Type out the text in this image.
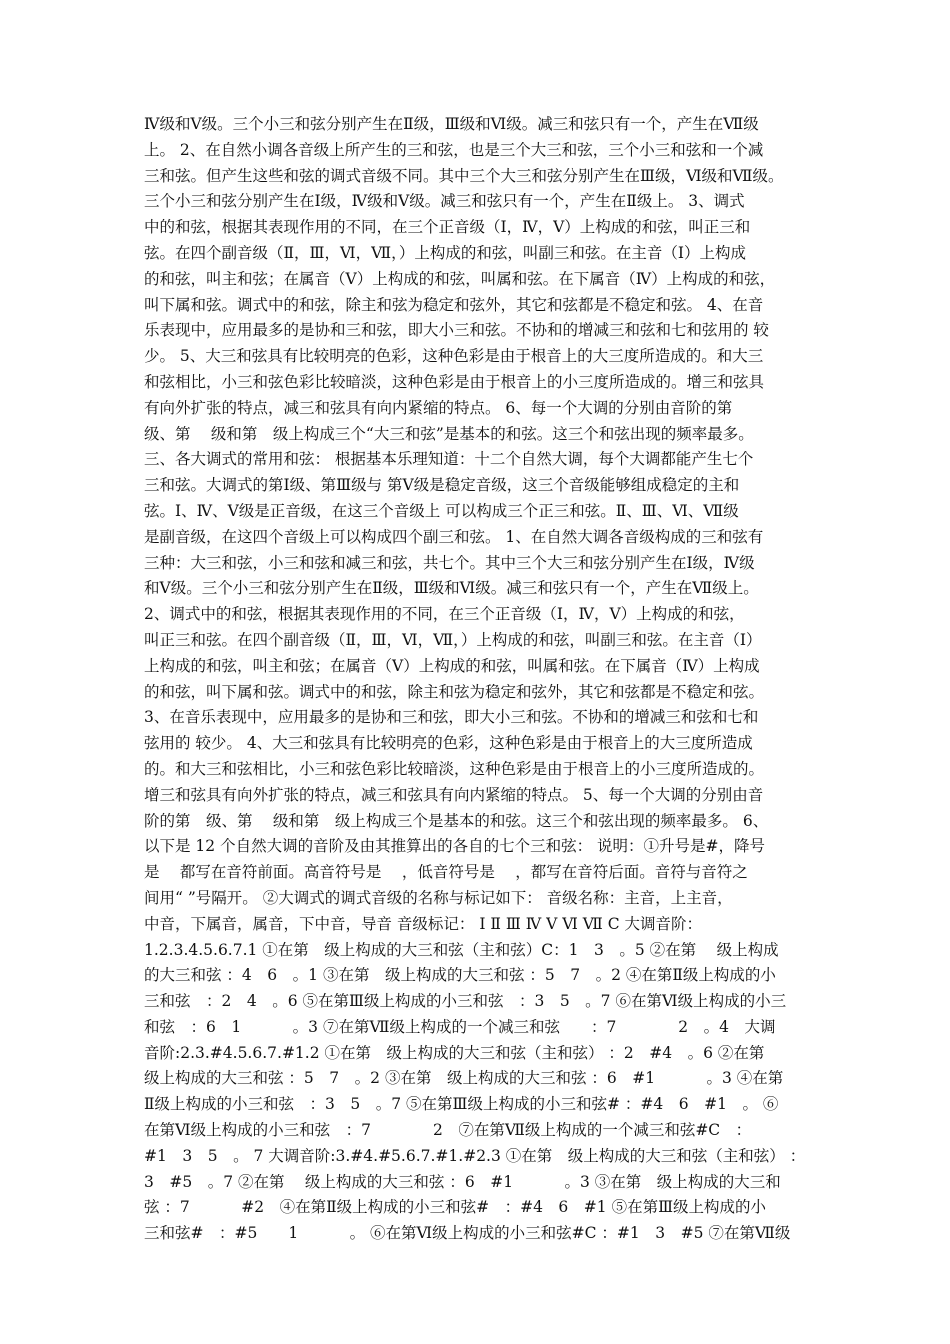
Ⅳ级和Ⅴ级。三个小三和弦分别产生在Ⅱ级，Ⅲ级和Ⅵ级。减三和弦只有一个，产生在Ⅶ级
上。 2、在自然小调各音级上所产生的三和弦，也是三个大三和弦，三个小三和弦和一个减
三和弦。但产生这些和弦的调式音级不同。其中三个大三和弦分别产生在Ⅲ级，Ⅵ级和Ⅶ级。
三个小三和弦分别产生在Ⅰ级，Ⅳ级和Ⅴ级。减三和弦只有一个，产生在Ⅱ级上。 3、调式
中的和弦，根据其表现作用的不同，在三个正音级（Ⅰ，Ⅳ，Ⅴ）上构成的和弦，叫正三和
弦。在四个副音级（Ⅱ，Ⅲ，Ⅵ，Ⅶ，）上构成的和弦，叫副三和弦。在主音（Ⅰ）上构成
的和弦，叫主和弦；在属音（Ⅴ）上构成的和弦，叫属和弦。在下属音（Ⅳ）上构成的和弦，
叫下属和弦。调式中的和弦，除主和弦为稳定和弦外，其它和弦都是不稳定和弦。 4、在音
乐表现中，应用最多的是协和三和弦，即大小三和弦。不协和的增减三和弦和七和弦用的 较
少。 5、大三和弦具有比较明亮的色彩，这种色彩是由于根音上的大三度所造成的。和大三
和弦相比，小三和弦色彩比较暗淡，这种色彩是由于根音上的小三度所造成的。增三和弦具
有向外扩张的特点，减三和弦具有向内紧缩的特点。 6、每一个大调的分别由音阶的第
级、第　 级和第　级上构成三个“大三和弦”是基本的和弦。这三个和弦出现的频率最多。
三、各大调式的常用和弦： 根据基本乐理知道：十二个自然大调，每个大调都能产生七个
三和弦。大调式的第Ⅰ级、第Ⅲ级与 第Ⅴ级是稳定音级，这三个音级能够组成稳定的主和
弦。Ⅰ、Ⅳ、Ⅴ级是正音级，在这三个音级上 可以构成三个正三和弦。Ⅱ、Ⅲ、Ⅵ、Ⅶ级
是副音级，在这四个音级上可以构成四个副三和弦。 1、在自然大调各音级构成的三和弦有
三种：大三和弦，小三和弦和减三和弦，共七个。其中三个大三和弦分别产生在Ⅰ级，Ⅳ级
和Ⅴ级。三个小三和弦分别产生在Ⅱ级，Ⅲ级和Ⅵ级。减三和弦只有一个，产生在Ⅶ级上。
2、调式中的和弦，根据其表现作用的不同，在三个正音级（Ⅰ，Ⅳ，Ⅴ）上构成的和弦，
叫正三和弦。在四个副音级（Ⅱ，Ⅲ，Ⅵ，Ⅶ，）上构成的和弦，叫副三和弦。在主音（Ⅰ）
上构成的和弦，叫主和弦；在属音（Ⅴ）上构成的和弦，叫属和弦。在下属音（Ⅳ）上构成
的和弦，叫下属和弦。调式中的和弦，除主和弦为稳定和弦外，其它和弦都是不稳定和弦。
3、在音乐表现中，应用最多的是协和三和弦，即大小三和弦。不协和的增减三和弦和七和
弦用的 较少。 4、大三和弦具有比较明亮的色彩，这种色彩是由于根音上的大三度所造成
的。和大三和弦相比，小三和弦色彩比较暗淡，这种色彩是由于根音上的小三度所造成的。
增三和弦具有向外扩张的特点，减三和弦具有向内紧缩的特点。 5、每一个大调的分别由音
阶的第　级、第　 级和第　级上构成三个是基本的和弦。这三个和弦出现的频率最多。 6、
以下是 12 个自然大调的音阶及由其推算出的各自的七个三和弦： 说明：①升号是#，降号
是　 都写在音符前面。高音符号是　 ，低音符号是　 ，都写在音符后面。音符与音符之
间用“ ”号隔开。 ②大调式的调式音级的名称与标记如下： 音级名称：主音，上主音，
中音，下属音，属音，下中音，导音 音级标记： Ⅰ Ⅱ Ⅲ Ⅳ Ⅴ Ⅵ Ⅶ C 大调音阶：
1.2.3.4.5.6.7.1 ①在第　级上构成的大三和弦（主和弦）C：1　3　。5 ②在第　 级上构成
的大三和弦 ：4　6　。1 ③在第　级上构成的大三和弦 ：5　7　。2 ④在第Ⅱ级上构成的小
三和弦　：2　4　。6 ⑤在第Ⅲ级上构成的小三和弦　：3　5　。7 ⑥在第Ⅵ级上构成的小三
和弦　：6　1　　　 。3 ⑦在第Ⅶ级上构成的一个减三和弦　　：7　　　　2　。4　大调
音阶:2.3.#4.5.6.7.#1.2 ①在第　级上构成的大三和弦（主和弦） ：2　#4　。6 ②在第
级上构成的大三和弦 ：5　7　。2 ③在第　级上构成的大三和弦 ：6　#1　　　 。3 ④在第
Ⅱ级上构成的小三和弦　：3　5　。7 ⑤在第Ⅲ级上构成的小三和弦# ：#4　6　#1　。 ⑥
在第Ⅵ级上构成的小三和弦　：7　　　　2　⑦在第Ⅶ级上构成的一个减三和弦#C　：
#1　3　5　。 7 大调音阶:3.#4.#5.6.7.#1.#2.3 ①在第　级上构成的大三和弦（主和弦） ：
3　#5　。7 ②在第　 级上构成的大三和弦 ：6　#1　　　 。3 ③在第　级上构成的大三和
弦 ：7　　　 #2　④在第Ⅱ级上构成的小三和弦#　：#4　6　#1 ⑤在第Ⅲ级上构成的小
三和弦#　：#5　　1　　　 。 ⑥在第Ⅵ级上构成的小三和弦#C ：#1　3　#5 ⑦在第Ⅶ级
